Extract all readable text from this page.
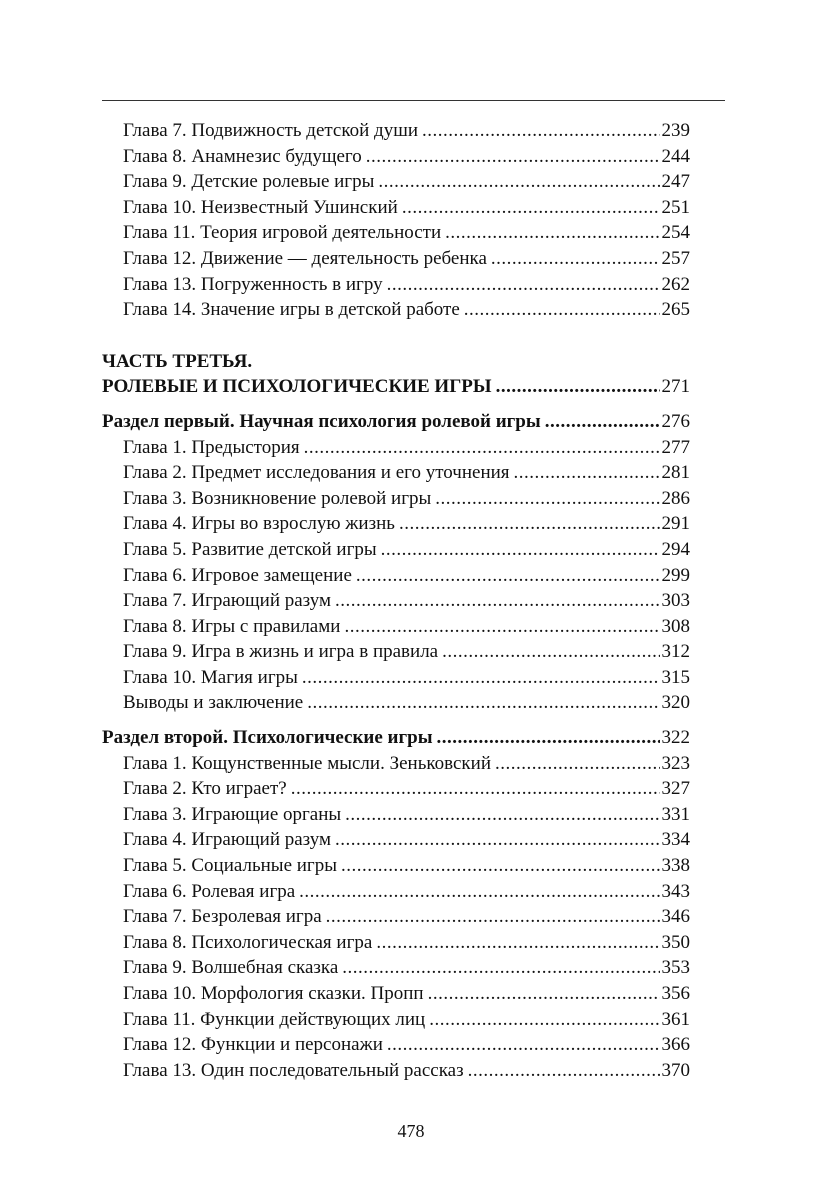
Глава 7. Подвижность детской души .....	239
Глава 8. Анамнезис будущего .....	244
Глава 9. Детские ролевые игры .....	247
Глава 10. Неизвестный Ушинский .....	251
Глава 11. Теория игровой деятельности .....	254
Глава 12. Движение — деятельность ребенка .....	257
Глава 13. Погруженность в игру .....	262
Глава 14. Значение игры в детской работе .....	265
ЧАСТЬ ТРЕТЬЯ.
РОЛЕВЫЕ И ПСИХОЛОГИЧЕСКИЕ ИГРЫ .....	271
Раздел первый. Научная психология ролевой игры .....	276
Глава 1. Предыстория .....	277
Глава 2. Предмет исследования и его уточнения .....	281
Глава 3. Возникновение ролевой игры .....	286
Глава 4. Игры во взрослую жизнь .....	291
Глава 5. Развитие детской игры .....	294
Глава 6. Игровое замещение .....	299
Глава 7. Играющий разум .....	303
Глава 8. Игры с правилами .....	308
Глава 9. Игра в жизнь и игра в правила .....	312
Глава 10. Магия игры .....	315
Выводы и заключение .....	320
Раздел второй. Психологические игры .....	322
Глава 1. Кощунственные мысли. Зеньковский .....	323
Глава 2. Кто играет? .....	327
Глава 3. Играющие органы .....	331
Глава 4. Играющий разум .....	334
Глава 5. Социальные игры .....	338
Глава 6. Ролевая игра .....	343
Глава 7. Безролевая игра .....	346
Глава 8. Психологическая игра .....	350
Глава 9. Волшебная сказка .....	353
Глава 10. Морфология сказки. Пропп .....	356
Глава 11. Функции действующих лиц .....	361
Глава 12. Функции и персонажи .....	366
Глава 13. Один последовательный рассказ .....	370
478
